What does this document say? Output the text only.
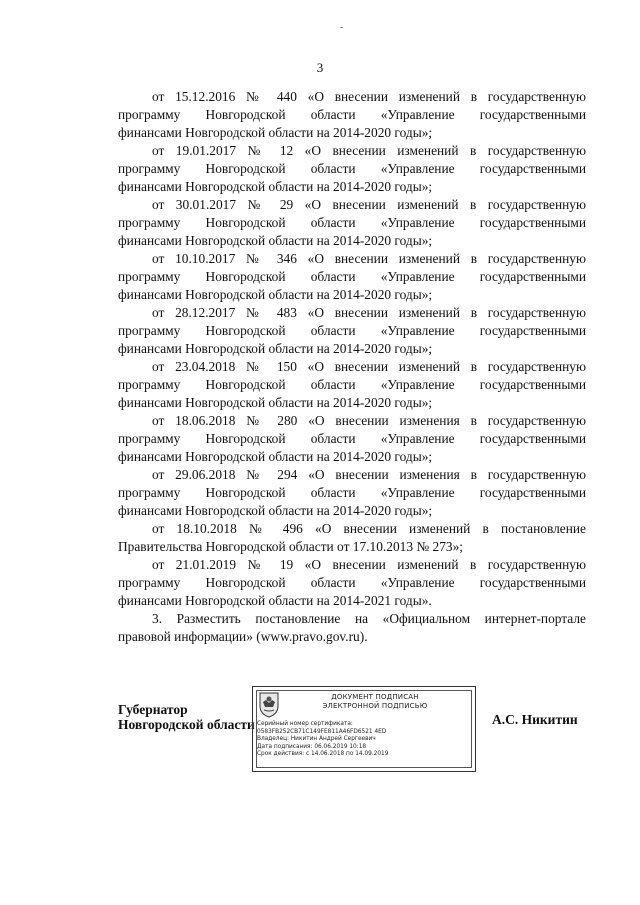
-
3

от 15.12.2016 № 440 «О внесении изменений в государственную
программу Новгородской области «Управление государственными
финансами Новгородской области на 2014-2020 годы»;

от 19.01.2017 № 12 «О внесении изменений в государственную
программу Новгородской области «Управление государственными
финансами Новгородской области на 2014-2020 годы»;

от 30.01.2017 № 29 «О внесении изменений в государственную
программу Новгородской области «Управление государственными
финансами Новгородской области на 2014-2020 годы»;

от 10.10.2017 № 346 «О внесении изменений в государственную
программу Новгородской области «Управление государственными
финансами Новгородской области на 2014-2020 годы»;

от 28.12.2017 № 483 «О внесении изменений в государственную
программу Новгородской области «Управление государственными
финансами Новгородской области на 2014-2020 годы»;

от 23.04.2018 № 150 «О внесении изменений в государственную
программу Новгородской области «Управление государственными
финансами Новгородской области на 2014-2020 годы»;

от 18.06.2018 № 280 «О внесении изменения в государственную
программу Новгородской области «Управление государственными
финансами Новгородской области на 2014-2020 годы»;

от 29.06.2018 № 294 «О внесении изменения в государственную
программу Новгородской области «Управление государственными
финансами Новгородской области на 2014-2020 годы»;

от 18.10.2018 № 496 «О внесении изменений в постановление
Правительства Новгородской области от 17.10.2013 № 273»;

от 21.01.2019 № 19 «О внесении изменений в государственную
программу Новгородской области «Управление государственными
финансами Новгородской области на 2014-2021 годы».

3. Разместить постановление на «Официальном интернет-портале
правовой информации» (www.pravo.gov.ru).

Губернатор
Новгородской области
ДОКУМЕНТ ПОДПИСАН
ЭЛЕКТРОННОЙ ПОДПИСЬЮ
Серийный номер сертификата:
0583FB252CB71C149FE811A46FD6521 4ED
Владелец: Никитин Андрей Сергеевич
Дата подписания: 06.06.2019 10:18
Срок действия: с 14.06.2018 по 14.09.2019
А.С. Никитин
